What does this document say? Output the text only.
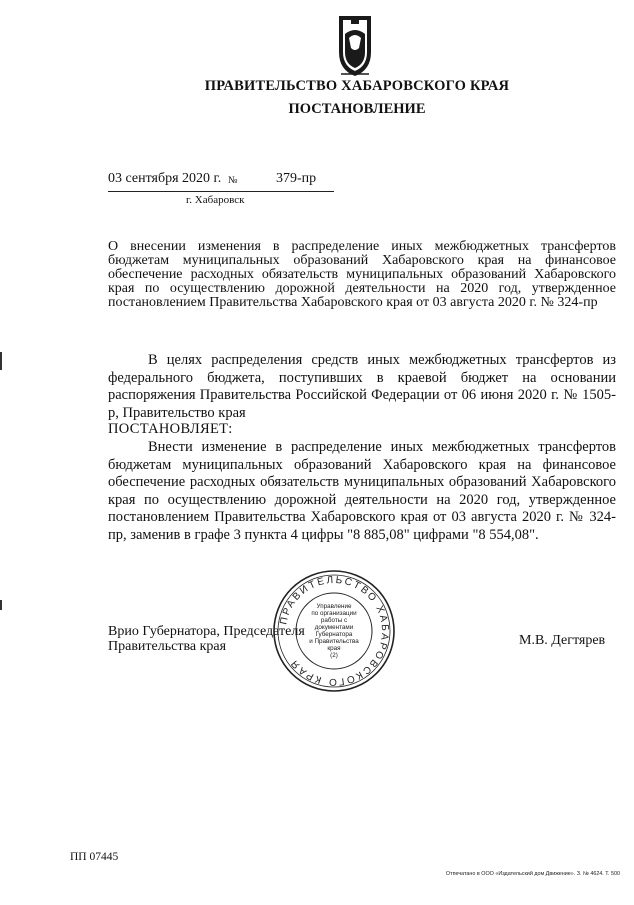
ПРАВИТЕЛЬСТВО ХАБАРОВСКОГО КРАЯ
ПОСТАНОВЛЕНИЕ
03 сентября 2020 г. №	379-пр
г. Хабаровск
О внесении изменения в распределение иных межбюджетных трансфертов бюджетам муниципальных образований Хабаровского края на финансовое обеспечение расходных обязательств муниципальных образований Хабаровского края по осуществлению дорожной деятельности на 2020 год, утвержденное постановлением Правительства Хабаровского края от 03 августа 2020 г. № 324-пр
В целях распределения средств иных межбюджетных трансфертов из федерального бюджета, поступивших в краевой бюджет на основании распоряжения Правительства Российской Федерации от 06 июня 2020 г. № 1505-р, Правительство края
ПОСТАНОВЛЯЕТ:
Внести изменение в распределение иных межбюджетных трансфертов бюджетам муниципальных образований Хабаровского края на финансовое обеспечение расходных обязательств муниципальных образований Хабаровского края по осуществлению дорожной деятельности на 2020 год, утвержденное постановлением Правительства Хабаровского края от 03 августа 2020 г. № 324-пр, заменив в графе 3 пункта 4 цифры "8 885,08" цифрами "8 554,08".
Врио Губернатора, Председателя
Правительства края	М.В. Дегтярев
ПРАВИТЕЛЬСТВО ХАБАРОВСКОГО КРАЯ
Управление
по организации
работы с документами
Губернатора
и Правительства
края
(2)
ПП 07445
Отпечатано в ООО «Издательский дом Движение». З. № 4624. Т. 500
